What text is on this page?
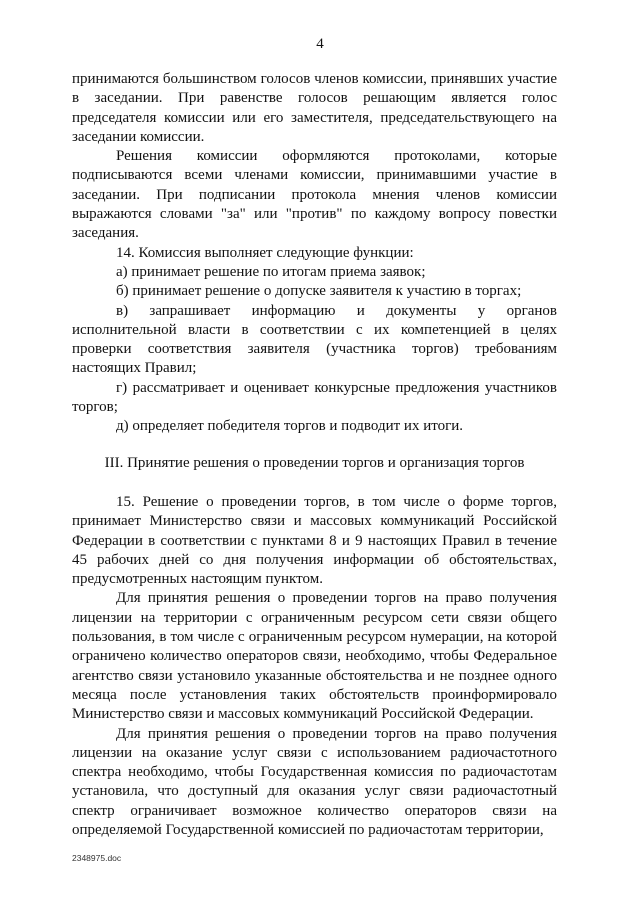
4

принимаются большинством голосов членов комиссии, принявших участие в заседании. При равенстве голосов решающим является голос председателя комиссии или его заместителя, председательствующего на заседании комиссии.

Решения комиссии оформляются протоколами, которые подписываются всеми членами комиссии, принимавшими участие в заседании. При подписании протокола мнения членов комиссии выражаются словами "за" или "против" по каждому вопросу повестки заседания.

14. Комиссия выполняет следующие функции:

а) принимает решение по итогам приема заявок;

б) принимает решение о допуске заявителя к участию в торгах;

в) запрашивает информацию и документы у органов исполнительной власти в соответствии с их компетенцией в целях проверки соответствия заявителя (участника торгов) требованиям настоящих Правил;

г) рассматривает и оценивает конкурсные предложения участников торгов;

д) определяет победителя торгов и подводит их итоги.

III. Принятие решения о проведении торгов и организация торгов

15. Решение о проведении торгов, в том числе о форме торгов, принимает Министерство связи и массовых коммуникаций Российской Федерации в соответствии с пунктами 8 и 9 настоящих Правил в течение 45 рабочих дней со дня получения информации об обстоятельствах, предусмотренных настоящим пунктом.

Для принятия решения о проведении торгов на право получения лицензии на территории с ограниченным ресурсом сети связи общего пользования, в том числе с ограниченным ресурсом нумерации, на которой ограничено количество операторов связи, необходимо, чтобы Федеральное агентство связи установило указанные обстоятельства и не позднее одного месяца после установления таких обстоятельств проинформировало Министерство связи и массовых коммуникаций Российской Федерации.

Для принятия решения о проведении торгов на право получения лицензии на оказание услуг связи с использованием радиочастотного спектра необходимо, чтобы Государственная комиссия по радиочастотам установила, что доступный для оказания услуг связи радиочастотный спектр ограничивает возможное количество операторов связи на определяемой Государственной комиссией по радиочастотам территории,

2348975.doc
